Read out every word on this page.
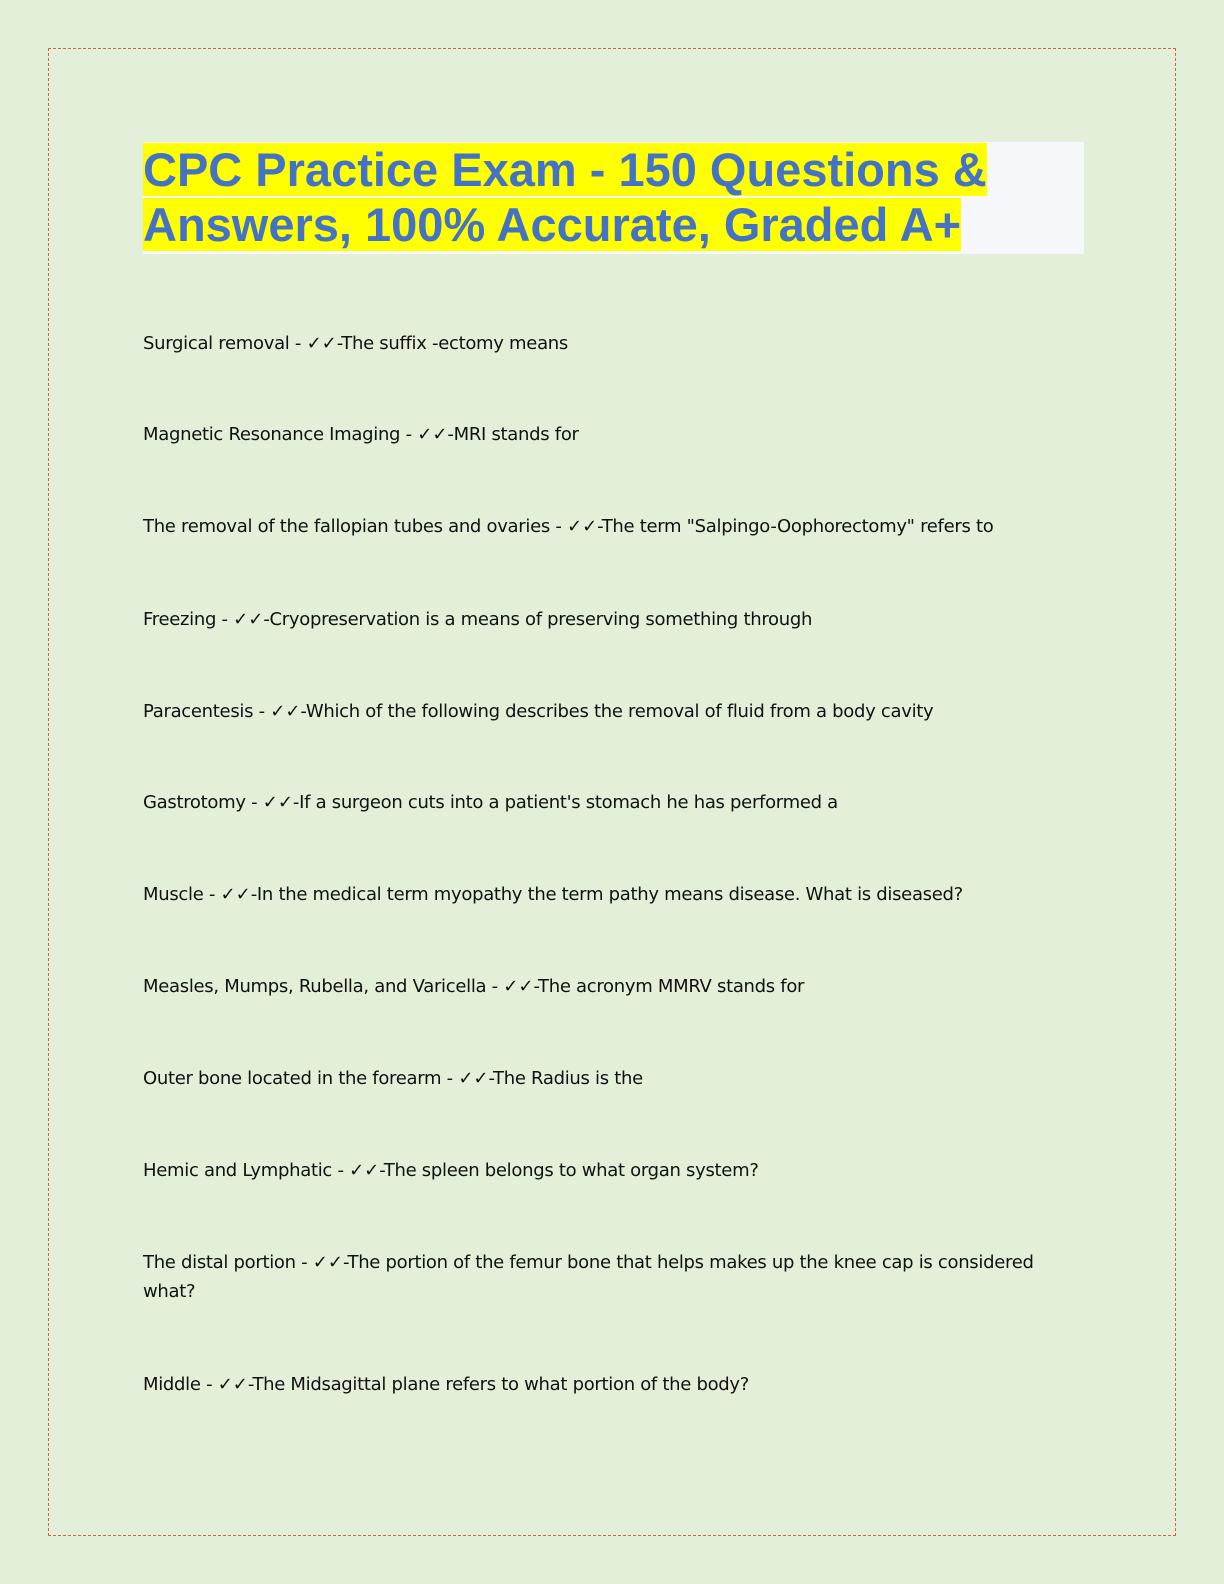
CPC Practice Exam - 150 Questions &
Answers, 100% Accurate, Graded A+
Surgical removal - ✓✓-The suffix -ectomy means
Magnetic Resonance Imaging - ✓✓-MRI stands for
The removal of the fallopian tubes and ovaries - ✓✓-The term "Salpingo-Oophorectomy" refers to
Freezing - ✓✓-Cryopreservation is a means of preserving something through
Paracentesis - ✓✓-Which of the following describes the removal of fluid from a body cavity
Gastrotomy - ✓✓-If a surgeon cuts into a patient's stomach he has performed a
Muscle - ✓✓-In the medical term myopathy the term pathy means disease. What is diseased?
Measles, Mumps, Rubella, and Varicella - ✓✓-The acronym MMRV stands for
Outer bone located in the forearm - ✓✓-The Radius is the
Hemic and Lymphatic - ✓✓-The spleen belongs to what organ system?
The distal portion - ✓✓-The portion of the femur bone that helps makes up the knee cap is considered what?
Middle - ✓✓-The Midsagittal plane refers to what portion of the body?
